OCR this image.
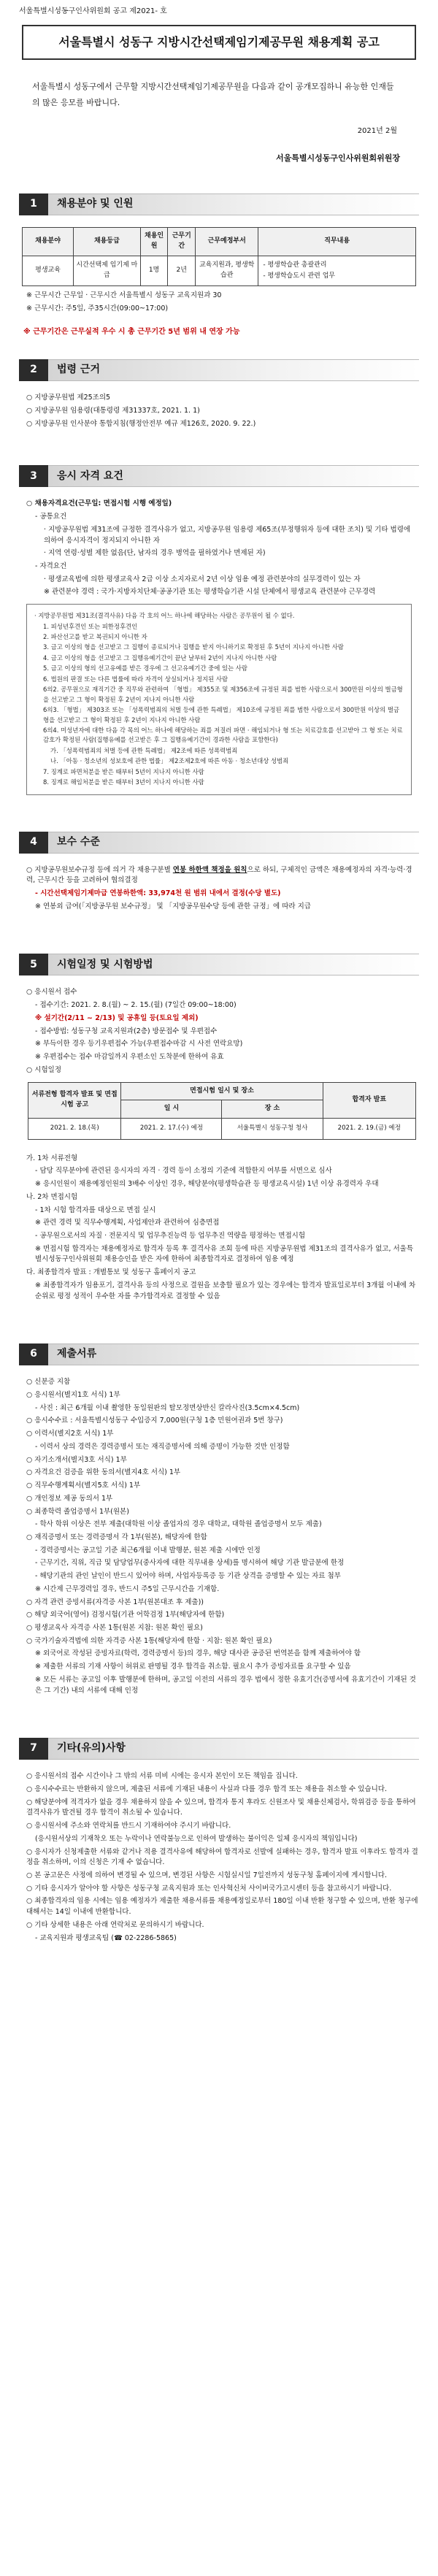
서울특별시성동구인사위원회 공고 제2021- 호
서울특별시 성동구 지방시간선택제임기제공무원 채용계획 공고
서울특별시 성동구에서 근무할 지방시간선택제임기제공무원을 다음과 같이 공개모집하니 유능한 인재들의 많은 응모를 바랍니다.
2021년 2월
서울특별시성동구인사위원회위원장
1	채용분야 및 인원
채용분야	채용등급	채용인원	근무기간	근무예정부서	직무내용
평생교육	시간선택제 임기제 마급	1명	2년	교육지원과, 평생학습관	- 평생학습관 총괄관리
- 평생학습도시 관련 업무
※ 근무시간 근무일 · 근무시간 서울특별시 성동구 교육지원과 30
※ 근무시간: 주5일, 주35시간(09:00~17:00)
※ 근무기간은 근무실적 우수 시 총 근무기간 5년 범위 내 연장 가능
2	법령 근거
○ 지방공무원법 제25조의5
○ 지방공무원 임용령(대통령령 제31337호, 2021. 1. 1)
○ 지방공무원 인사분야 통합지침(행정안전부 예규 제126호, 2020. 9. 22.)
3	응시 자격 요건
○ 채용자격요건(근무일: 면접시험 시행 예정일)
- 공통요건
· 지방공무원법 제31조에 규정한 결격사유가 없고, 지방공무원 임용령 제65조(부정행위자 등에 대한 조치) 및 기타 법령에 의하여 응시자격이 정지되지 아니한 자
· 지역 연령·성별 제한 없음(단, 남자의 경우 병역을 필하였거나 면제된 자)
- 자격요건
· 평생교육법에 의한 평생교육사 2급 이상 소지자로서 2년 이상 임용 예정 관련분야의 실무경력이 있는 자
※ 관련분야 경력 : 국가·지방자치단체·공공기관 또는 평생학습기관 시설 단체에서 평생교육 관련분야 근무경력
· 지방공무원법 제31조(결격사유) 다음 각 호의 어느 하나에 해당하는 사람은 공무원이 될 수 없다.
1. 피성년후견인 또는 피한정후견인
2. 파산선고를 받고 복권되지 아니한 자
3. 금고 이상의 형을 선고받고 그 집행이 종료되거나 집행을 받지 아니하기로 확정된 후 5년이 지나지 아니한 사람
4. 금고 이상의 형을 선고받고 그 집행유예기간이 끝난 날부터 2년이 지나지 아니한 사람
5. 금고 이상의 형의 선고유예를 받은 경우에 그 선고유예기간 중에 있는 사람
6. 법원의 판결 또는 다른 법률에 따라 자격이 상실되거나 정지된 사람
6의2. 공무원으로 재직기간 중 직무와 관련하여 「형법」 제355조 및 제356조에 규정된 죄를 범한 사람으로서 300만원 이상의 벌금형을 선고받고 그 형이 확정된 후 2년이 지나지 아니한 사람
6의3. 「형법」 제303조 또는 「성폭력범죄의 처벌 등에 관한 특례법」 제10조에 규정된 죄를 범한 사람으로서 300만원 이상의 벌금형을 선고받고 그 형이 확정된 후 2년이 지나지 아니한 사람
6의4. 미성년자에 대한 다음 각 목의 어느 하나에 해당하는 죄를 저질러 파면 · 해임되거나 형 또는 치료감호를 선고받아 그 형 또는 치료감호가 확정된 사람(집행유예를 선고받은 후 그 집행유예기간이 경과한 사람을 포함한다)
가. 「성폭력범죄의 처벌 등에 관한 특례법」 제2조에 따른 성폭력범죄
나. 「아동 · 청소년의 성보호에 관한 법률」 제2조제2호에 따른 아동 · 청소년대상 성범죄
7. 징계로 파면처분을 받은 때부터 5년이 지나지 아니한 사람
8. 징계로 해임처분을 받은 때부터 3년이 지나지 아니한 사람
4	보수 수준
○ 지방공무원보수규정 등에 의거 각 채용구분별 연봉 하한액 책정을 원칙으로 하되, 구체적인 금액은 채용예정자의 자격·능력·경력, 근무시간 등을 고려하여 협의결정
- 시간선택제임기제마급 연봉하한액: 33,974천 원 범위 내에서 결정(수당 별도)
※ 연봉외 급여(「지방공무원 보수규정」 및 「지방공무원수당 등에 관한 규정」에 따라 지급
5	시험일정 및 시험방법
○ 응시원서 접수
- 접수기간: 2021. 2. 8.(월) ~ 2. 15.(월) (7일간 09:00~18:00)
※ 설기간(2/11 ~ 2/13) 및 공휴일 등(토요일 제외)
- 접수방법: 성동구청 교육지원과(2층) 방문접수 및 우편접수
※ 부득이한 경우 등기우편접수 가능(우편접수마감 시 사전 연락요망)
※ 우편접수는 접수 마감일까지 우편소인 도착분에 한하여 유효
○ 시험일정
서류전형 합격자 발표 및 면접시험 공고	면접시험 일시 및 장소		합격자 발표
	일 시	장 소	
2021. 2. 18.(목)	2021. 2. 17.(수) 예정	서울특별시 성동구청 청사	2021. 2. 19.(금) 예정
가. 1차 서류전형
- 담당 직무분야에 관련된 응시자의 자격 · 경력 등이 소정의 기준에 적합한지 여부를 서면으로 심사
※ 응시인원이 채용예정인원의 3배수 이상인 경우, 해당분야(평생학습관 등 평생교육시설) 1년 이상 유경력자 우대
나. 2차 면접시험
- 1차 시험 합격자를 대상으로 면접 실시
※ 관련 경력 및 직무수행계획, 사업제안과 관련하여 심층면접
- 공무원으로서의 자질 · 전문지식 및 업무추진능력 등 업무추진 역량을 평정하는 면접시험
※ 면접시험 합격자는 채용예정자로 합격자 등록 후 결격사유 조회 등에 따른 지방공무원법 제31조의 결격사유가 없고, 서울특별시성동구인사위원회 채용승인을 받은 자에 한하여 최종합격자로 결정하여 임용 예정
다. 최종합격자 발표 : 개별통보 및 성동구 홈페이지 공고
※ 최종합격자가 임용포기, 결격사유 등의 사정으로 결원을 보충할 필요가 있는 경우에는 합격자 발표일로부터 3개월 이내에 차순위로 평정 성적이 우수한 자를 추가합격자로 결정할 수 있음
6	제출서류
○ 신분증 지참
○ 응시원서(별지1호 서식) 1부
- 사진 : 최근 6개월 이내 촬영한 동일원판의 탈모정면상반신 칼라사진(3.5cm×4.5cm)
○ 응시수수료 : 서울특별시성동구 수입증지 7,000원(구청 1층 민원여권과 5번 창구)
○ 이력서(별지2호 서식) 1부
- 이력서 상의 경력은 경력증명서 또는 재직증명서에 의해 증명이 가능한 것만 인정함
○ 자기소개서(별지3호 서식) 1부
○ 자격요건 검증을 위한 동의서(별지4호 서식) 1부
○ 직무수행계획서(별지5호 서식) 1부
○ 개인정보 제공 동의서 1부
○ 최종학력 졸업증명서 1부(원본)
- 학사 학위 이상은 전부 제출(대학원 이상 졸업자의 경우 대학교, 대학원 졸업증명서 모두 제출)
○ 재직증명서 또는 경력증명서 각 1부(원본), 해당자에 한함
- 경력증명서는 공고일 기준 최근6개월 이내 발행분, 원본 제출 시에만 인정
- 근무기간, 직위, 직급 및 담당업무(중사자에 대한 직무내용 상세)를 명시하여 해당 기관 발급분에 한정
- 해당기관의 관인 날인이 반드시 있어야 하며, 사업자등록증 등 기관 상격을 증명할 수 있는 자료 첨부
※ 시간제 근무경력일 경우, 반드시 주5일 근무시간을 기재함.
○ 자격 관련 증빙서류(자격증 사본 1부(원본대조 후 제출))
○ 해당 외국어(영어) 검정시험(기관 어학검정 1부(해당자에 한함)
○ 평생교육사 자격증 사본 1통(원본 지참: 원본 확인 필요)
○ 국가기술자격법에 의한 자격증 사본 1통(해당자에 한함 · 지참: 원본 확인 필요)
※ 외국어로 작성된 증빙자료(학력, 경력증명서 등)의 경우, 해당 대사관 공증된 번역본을 함께 제출하여야 함
※ 제출한 서류의 기재 사항이 허위로 판명될 경우 합격을 취소함. 필요시 추가 증빙자료를 요구할 수 있음
※ 모든 서류는 공고일 이후 발행분에 한하며, 공고일 이전의 서류의 경우 법에서 정한 유효기간(증명서에 유효기간이 기재된 것은 그 기간) 내의 서류에 대해 인정
7	기타(유의)사항
○ 응시원서의 접수 시간이나 그 밖의 서류 미비 시에는 응시자 본인이 모든 책임을 집니다.
○ 응시수수료는 반환하지 않으며, 제출된 서류에 기재된 내용이 사실과 다를 경우 합격 또는 채용을 취소할 수 있습니다.
○ 해당분야에 적격자가 없을 경우 채용하지 않을 수 있으며, 합격자 통지 후라도 신원조사 및 채용신체검사, 학위검증 등을 통하여 결격사유가 발견될 경우 합격이 취소될 수 있습니다.
○ 응시원서에 주소와 연락처를 반드시 기재하여야 주시기 바랍니다.
(응시원서상의 기재착오 또는 누락이나 연락불능으로 인하여 발생하는 불이익은 일체 응시자의 책임입니다)
○ 응시자가 신청제출한 서류와 같거나 적용 결격사유에 해당하여 합격자로 선발에 실패하는 경우, 합격자 발표 이후라도 합격자 결정을 취소하며, 이의 신청은 기재 수 없습니다.
○ 본 공고문은 사정에 의하여 변경될 수 있으며, 변경된 사항은 시험실시일 7일전까지 성동구청 홈페이지에 게시합니다.
○ 기타 응시자가 알아야 할 사항은 성동구청 교육지원과 또는 인사혁신처 사이버국가고시센터 등을 참고하시기 바랍니다.
○ 최종합격자의 임용 시에는 임용 예정자가 제출한 채용서류를 채용예정일로부터 180일 이내 반환 청구할 수 있으며, 반환 청구에 대해서는 14일 이내에 반환합니다.
○ 기타 상세한 내용은 아래 연락처로 문의하시기 바랍니다.
- 교육지원과 평생교육팀 (☎ 02-2286-5865)
